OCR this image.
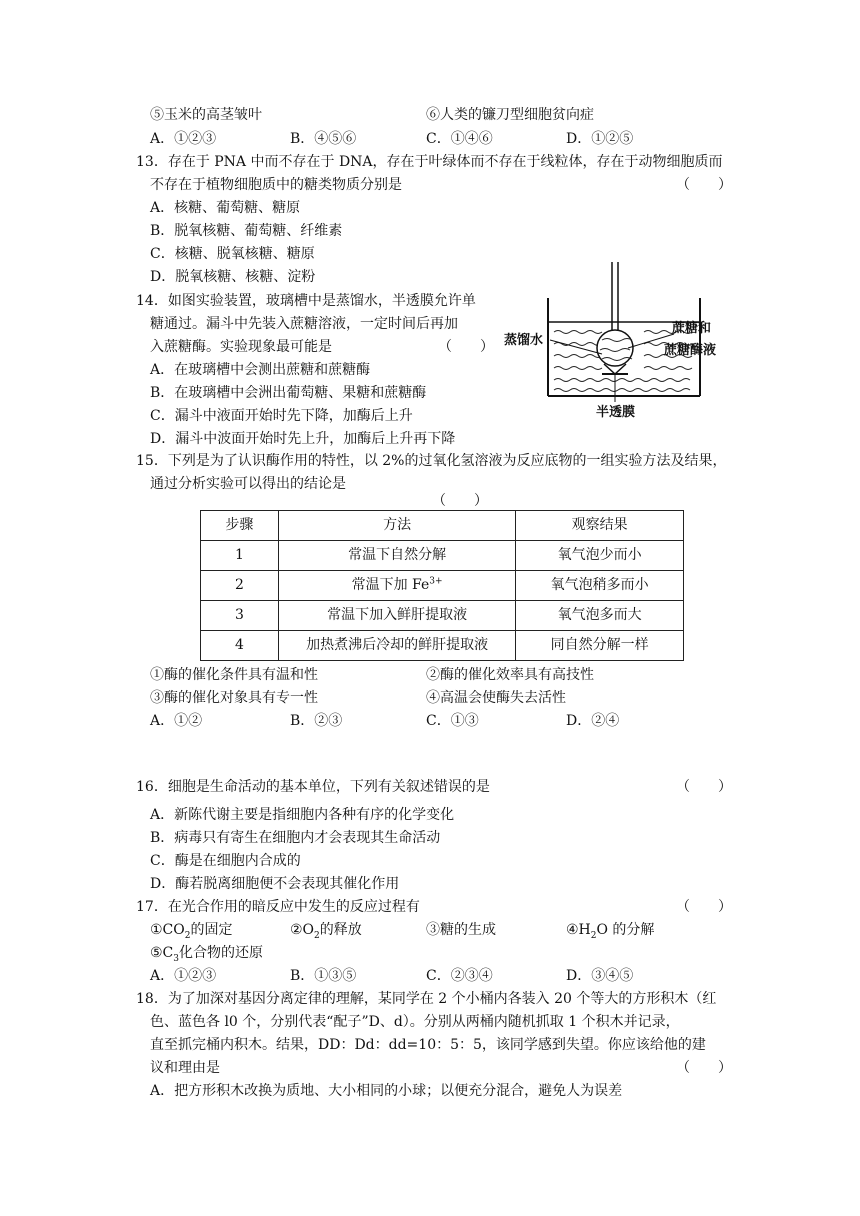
⑤玉米的高茎皱叶	⑥人类的镰刀型细胞贫向症
A．①②③	B．④⑤⑥	C．①④⑥	D．①②⑤
13．存在于 PNA 中而不存在于 DNA，存在于叶绿体而不存在于线粒体，存在于动物细胞质而
不存在于植物细胞质中的糖类物质分别是	（　　）
A．核糖、葡萄糖、糖原
B．脱氧核糖、葡萄糖、纤维素
C．核糖、脱氧核糖、糖原
D．脱氧核糖、核糖、淀粉
14．如图实验装置，玻璃槽中是蒸馏水，半透膜允许单
糖通过。漏斗中先装入蔗糖溶液，一定时间后再加
入蔗糖酶。实验现象最可能是	（　　）
A．在玻璃槽中会测出蔗糖和蔗糖酶
B．在玻璃槽中会洲出葡萄糖、果糖和蔗糖酶
C．漏斗中液面开始时先下降，加酶后上升
D．漏斗中波面开始时先上升，加酶后上升再下降
蒸馏水
蔗糖和
蔗糖酶液
半透膜
15．下列是为了认识酶作用的特性，以 2%的过氧化氢溶液为反应底物的一组实验方法及结果，
通过分析实验可以得出的结论是
（　　）
步骤	方法	观察结果
1	常温下自然分解	氧气泡少而小
2	常温下加 $Fe^{3+}$	氧气泡稍多而小
3	常温下加入鲜肝提取液	氧气泡多而大
4	加热煮沸后冷却的鲜肝提取液	同自然分解一样
①酶的催化条件具有温和性	②酶的催化效率具有高技性
③酶的催化对象具有专一性	④高温会使酶失去活性
A．①②	B．②③	C．①③	D．②④
16．细胞是生命活动的基本单位，下列有关叙述错误的是	（　　）
A．新陈代谢主要是指细胞内各种有序的化学变化
B．病毒只有寄生在细胞内才会表现其生命活动
C．酶是在细胞内合成的
D．酶若脱离细胞便不会表现其催化作用
17．在光合作用的暗反应中发生的反应过程有	（　　）
$①CO_2$的固定	$②O_2$的释放	③糖的生成	$④H_2O$ 的分解
$⑤C_3$化合物的还原
A．①②③	B．①③⑤	C．②③④	D．③④⑤
18．为了加深对基因分离定律的理解，某同学在 2 个小桶内各装入 20 个等大的方形积木（红
色、蓝色各 l0 个，分别代表“配子”D、d）。分别从两桶内随机抓取 1 个积木并记录，
直至抓完桶内积木。结果，DD：Dd：dd=10：5：5，该同学感到失望。你应该给他的建
议和理由是	（　　）
A．把方形积木改换为质地、大小相同的小球；以便充分混合，避免人为误差
